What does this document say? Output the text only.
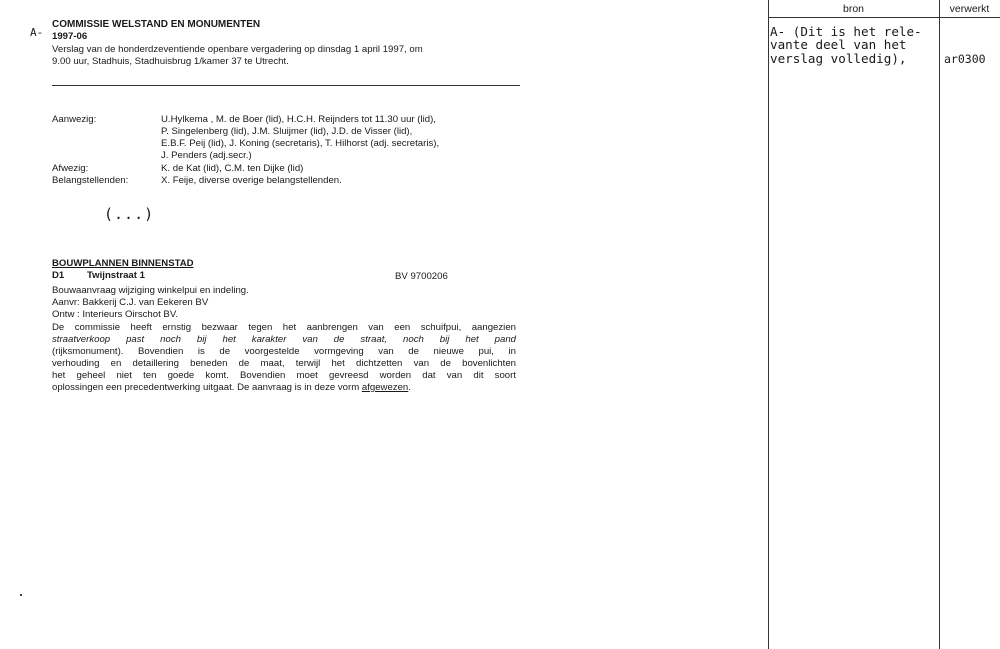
A-
COMMISSIE WELSTAND EN MONUMENTEN
1997-06
Verslag van de honderdzeventiende openbare vergadering op dinsdag 1 april 1997, om
9.00 uur, Stadhuis, Stadhuisbrug 1/kamer 37 te Utrecht.
Aanwezig:	U.Hylkema , M. de Boer (lid), H.C.H. Reijnders tot 11.30 uur (lid),
P. Singelenberg (lid), J.M. Sluijmer (lid), J.D. de Visser (lid),
E.B.F. Peij (lid), J. Koning (secretaris), T. Hilhorst (adj. secretaris),
J. Penders (adj.secr.)
Afwezig:	K. de Kat (lid), C.M. ten Dijke (lid)
Belangstellenden:	X. Feije, diverse overige belangstellenden.
(...)
BOUWPLANNEN BINNENSTAD
D1 Twijnstraat 1	BV 9700206
Bouwaanvraag wijziging winkelpui en indeling.
Aanvr: Bakkerij C.J. van Eekeren BV
Ontw : Interieurs Oirschot BV.
De commissie heeft ernstig bezwaar tegen het aanbrengen van een schuifpui, aangezien
straatverkoop past noch bij het karakter van de straat, noch bij het pand
(rijksmonument). Bovendien is de voorgestelde vormgeving van de nieuwe pui, in
verhouding en detaillering beneden de maat, terwijl het dichtzetten van de bovenlichten
het geheel niet ten goede komt. Bovendien moet gevreesd worden dat van dit soort
oplossingen een precedentwerking uitgaat. De aanvraag is in deze vorm afgewezen.
bron	verwerkt
A- (Dit is het rele-
vante deel van het
verslag volledig),	ar0300
